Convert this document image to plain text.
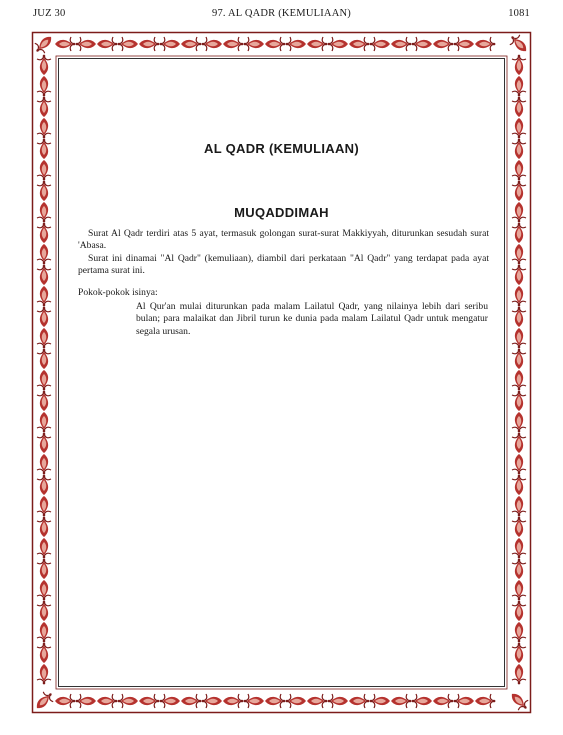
JUZ 30	97. AL QADR (KEMULIAAN)	1081
AL QADR (KEMULIAAN)
MUQADDIMAH

Surat Al Qadr terdiri atas 5 ayat, termasuk golongan surat-surat Makkiyyah, diturunkan sesudah surat 'Abasa.

Surat ini dinamai "Al Qadr" (kemuliaan), diambil dari perkataan "Al Qadr" yang terdapat pada ayat pertama surat ini.

Pokok-pokok isinya:
Al Qur'an mulai diturunkan pada malam Lailatul Qadr, yang nilainya lebih dari seribu bulan; para malaikat dan Jibril turun ke dunia pada malam Lailatul Qadr untuk mengatur segala urusan.
